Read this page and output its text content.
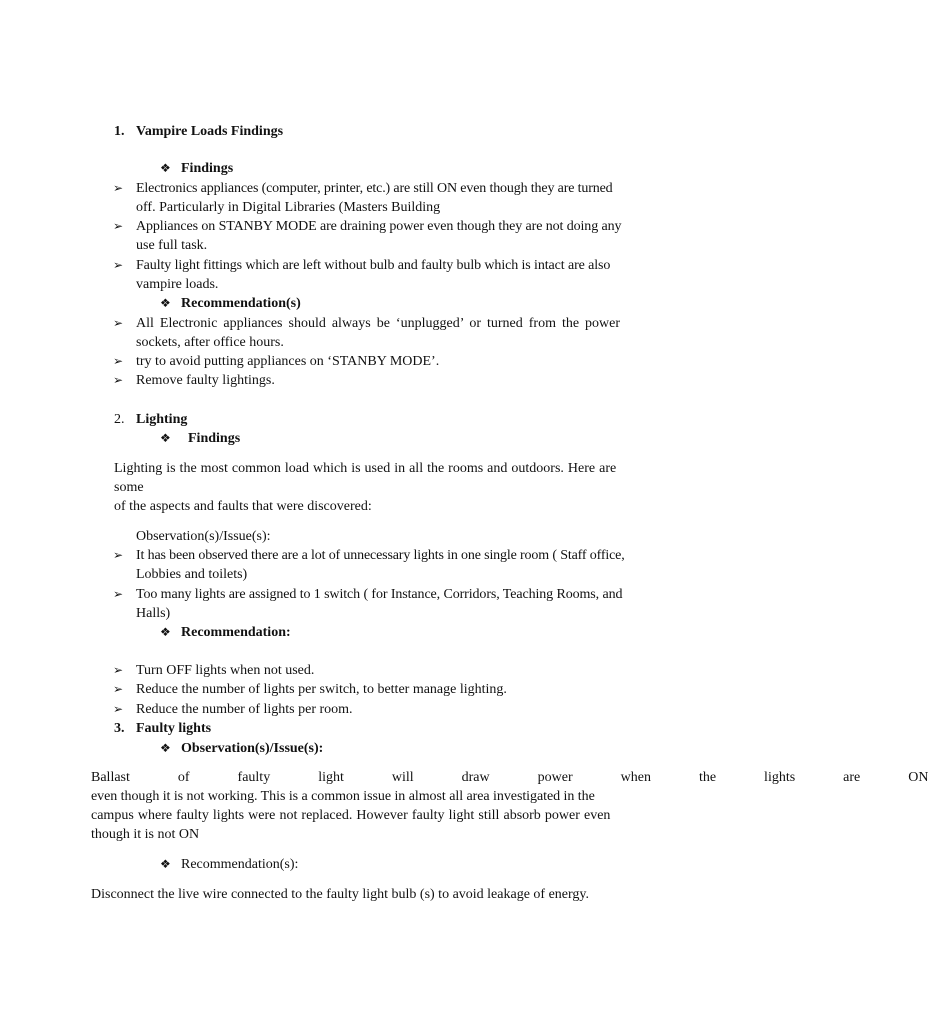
1. Vampire Loads Findings
❖ Findings
➢ Electronics appliances (computer, printer, etc.) are still ON even though they are turned
off. Particularly in Digital Libraries (Masters Building
➢ Appliances on STANBY MODE are draining power even though they are not doing any
use full task.
➢ Faulty light fittings which are left without bulb and faulty bulb which is intact are also
vampire loads.
❖ Recommendation(s)
➢ All Electronic appliances should always be ‘unplugged’ or turned from the power
sockets, after office hours.
➢ try to avoid putting appliances on ‘STANBY MODE’.
➢ Remove faulty lightings.
2. Lighting
❖ Findings
Lighting is the most common load which is used in all the rooms and outdoors. Here are
some
of the aspects and faults that were discovered:
Observation(s)/Issue(s):
➢ It has been observed there are a lot of unnecessary lights in one single room ( Staff office,
Lobbies and toilets)
➢ Too many lights are assigned to 1 switch ( for Instance, Corridors, Teaching Rooms, and
Halls)
❖ Recommendation:
➢ Turn OFF lights when not used.
➢ Reduce the number of lights per switch, to better manage lighting.
➢ Reduce the number of lights per room.
3. Faulty lights
❖ Observation(s)/Issue(s):
Ballast of faulty light will draw power when the lights are ON
even though it is not working. This is a common issue in almost all area investigated in the
campus where faulty lights were not replaced. However faulty light still absorb power even
though it is not ON
❖ Recommendation(s):
Disconnect the live wire connected to the faulty light bulb (s) to avoid leakage of energy.
